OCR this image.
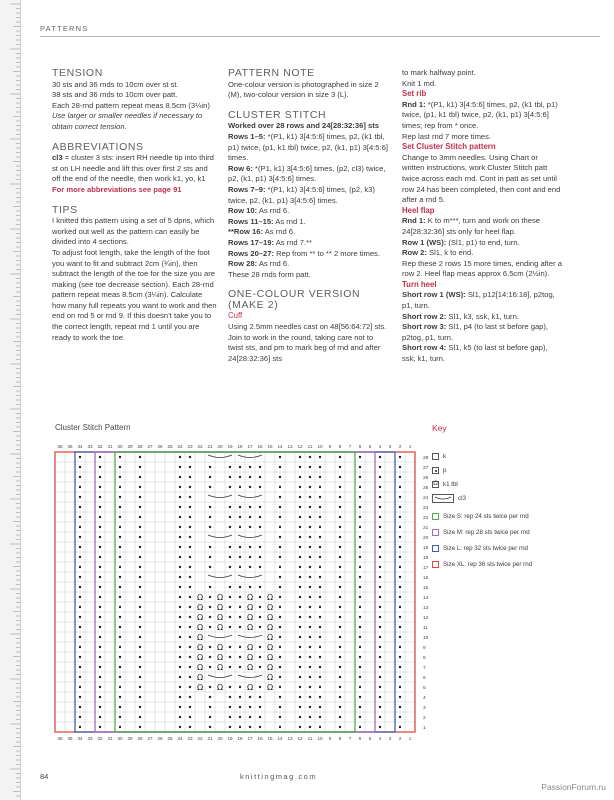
PATTERNS
TENSION

30 sts and 36 rnds to 10cm over st st.

38 sts and 36 rnds to 10cm over patt.

Each 28-rnd pattern repeat meas 8.5cm (3¼in)

Use larger or smaller needles if necessary to obtain correct tension.

ABBREVIATIONS

cl3 = cluster 3 sts: insert RH needle tip into third st on LH needle and lift this over first 2 sts and off the end of the needle, then work k1, yo, k1

For more abbreviations see page 91

TIPS

I knitted this pattern using a set of 5 dpns, which worked out well as the pattern can easily be divided into 4 sections.

To adjust foot length, take the length of the foot you want to fit and subtract 2cm (¾in), then subtract the length of the toe for the size you are making (see toe decrease section). Each 28-rnd pattern repeat meas 8.5cm (3¼in). Calculate how many full repeats you want to work and then end on rnd 5 or rnd 9. If this doesn’t take you to the correct length, repeat rnd 1 until you are ready to work the toe.

PATTERN NOTE

One-colour version is photographed in size 2 (M), two-colour version in size 3 (L).

CLUSTER STITCH

Worked over 28 rows and 24[28:32:36] sts

Rows 1–5: *(P1, k1) 3[4:5:6] times, p2, (k1 tbl, p1) twice, (p1, k1 tbl) twice, p2, (k1, p1) 3[4:5:6] times.

Row 6: *(P1, k1) 3[4:5:6] times, (p2, cl3) twice, p2, (k1, p1) 3[4:5:6] times.

Rows 7–9: *(P1, k1) 3[4:5:6] times, (p2, k3) twice, p2, (k1, p1) 3[4:5:6] times.

Row 10: As rnd 6.

Rows 11–15: As rnd 1.

**Row 16: As rnd 6.

Rows 17–19: As rnd 7.**

Rows 20–27: Rep from ** to ** 2 more times.

Row 28: As rnd 6.

These 28 rnds form patt.

ONE-COLOUR VERSION (MAKE 2)

Cuff

Using 2.5mm needles cast on 48[56:64:72] sts. Join to work in the round, taking care not to twist sts, and pm to mark beg of rnd and after 24[28:32:36] sts

to mark halfway point.

Knit 1 md.

Set rib

Rnd 1: *(P1, k1) 3[4:5:6] times, p2, (k1 tbl, p1) twice, (p1, k1 tbl) twice, p2, (k1, p1) 3[4:5:6] times; rep from * once.

Rep last rnd 7 more times.

Set Cluster Stitch pattern

Change to 3mm needles. Using Chart or written instructions, work Cluster Stitch patt twice across each rnd. Cont in patt as set until row 24 has been completed, then cont and end after a rnd 5.

Heel flap

Rnd 1: K to m***, turn and work on these 24[28:32:36] sts only for heel flap.

Row 1 (WS): (Sl1, p1) to end, turn.

Row 2: Sl1, k to end.

Rep these 2 rows 15 more times, ending after a row 2. Heel flap meas approx 6.5cm (2½in).

Turn heel

Short row 1 (WS): Sl1, p12[14:16:18], p2tog, p1, turn.

Short row 2: Sl1, k3, ssk, k1, turn.

Short row 3: Sl1, p4 (to last st before gap), p2tog, p1, turn.

Short row 4: Sl1, k5 (to last st before gap), ssk, k1, turn.

Cluster Stitch Pattern
Ω
Ω
Ω
Ω
Ω
Ω
Ω
Ω
Ω
Ω
Ω
Ω
Ω
Ω
Ω
Ω
Ω
Ω
Ω
Ω
Ω
Ω
Ω
Ω
Ω
Ω
Ω
Ω
Ω
Ω
Ω
Ω
Ω
Ω
Ω
Ω
36
36
35
35
34
34
33
33
32
32
31
31
30
30
29
29
28
28
27
27
26
26
25
25
24
24
23
23
22
22
21
21
20
20
19
19
18
18
17
17
16
16
15
15
14
14
13
13
12
12
11
11
10
10
9
9
8
8
7
7
6
6
5
5
4
4
3
3
2
2
1
1
28
27
26
25
24
23
22
21
20
19
18
17
16
15
14
13
12
11
10
9
8
7
6
5
4
3
2
1
Key
k
p
Ω k1 tbl
cl3
Size S: rep 24 sts twice per rnd
Size M: rep 28 sts twice per rnd
Size L: rep 32 sts twice per rnd
Size XL: rep 36 sts twice per rnd
84	knittingmag.com
PassionForum.ru
